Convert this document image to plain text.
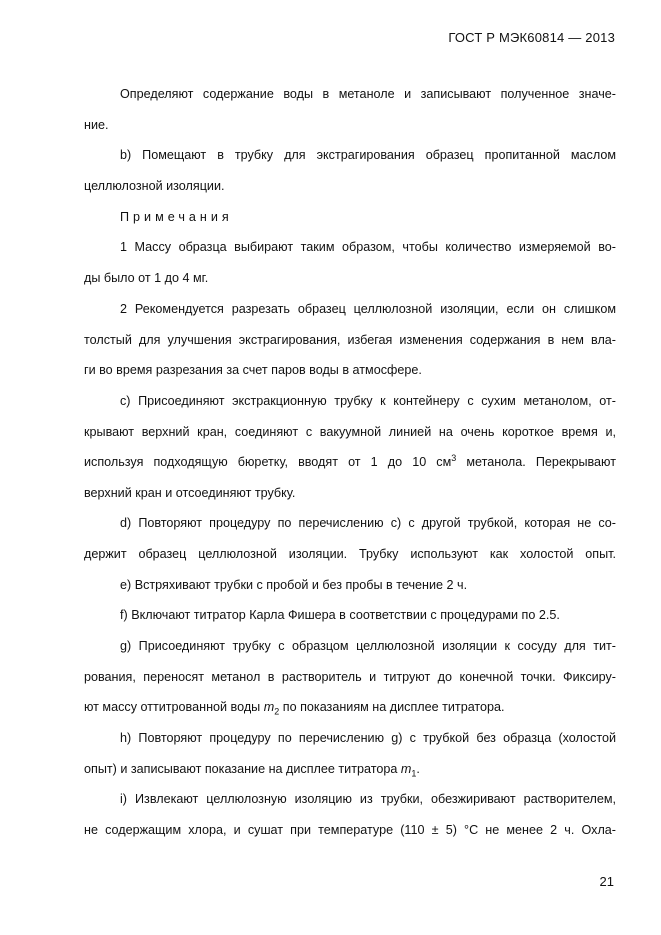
ГОСТ Р МЭК60814 — 2013
Определяют содержание воды в метаноле и записывают полученное значе-
ние.
b) Помещают в трубку для экстрагирования образец пропитанной маслом
целлюлозной изоляции.
Примечания
1 Массу образца выбирают таким образом, чтобы количество измеряемой во-
ды было от 1 до 4 мг.
2 Рекомендуется разрезать образец целлюлозной изоляции, если он слишком
толстый для улучшения экстрагирования, избегая изменения содержания в нем вла-
ги во время разрезания за счет паров воды в атмосфере.
c) Присоединяют экстракционную трубку к контейнеру с сухим метанолом, от-
крывают верхний кран, соединяют с вакуумной линией на очень короткое время и,
используя подходящую бюретку, вводят от 1 до 10 $см^3$ метанола. Перекрывают
верхний кран и отсоединяют трубку.
d) Повторяют процедуру по перечислению c) с другой трубкой, которая не со-
держит образец целлюлозной изоляции. Трубку используют как холостой опыт.
e) Встряхивают трубки с пробой и без пробы в течение 2 ч.
f) Включают титратор Карла Фишера в соответствии с процедурами по 2.5.
g) Присоединяют трубку с образцом целлюлозной изоляции к сосуду для тит-
рования, переносят метанол в растворитель и титруют до конечной точки. Фиксиру-
ют массу оттитрованной воды $m_2$ по показаниям на дисплее титратора.
h) Повторяют процедуру по перечислению g) с трубкой без образца (холостой
опыт) и записывают показание на дисплее титратора $m_1$.
i) Извлекают целлюлозную изоляцию из трубки, обезжиривают растворителем,
не содержащим хлора, и сушат при температуре (110 ± 5) °С не менее 2 ч. Охла-
21
